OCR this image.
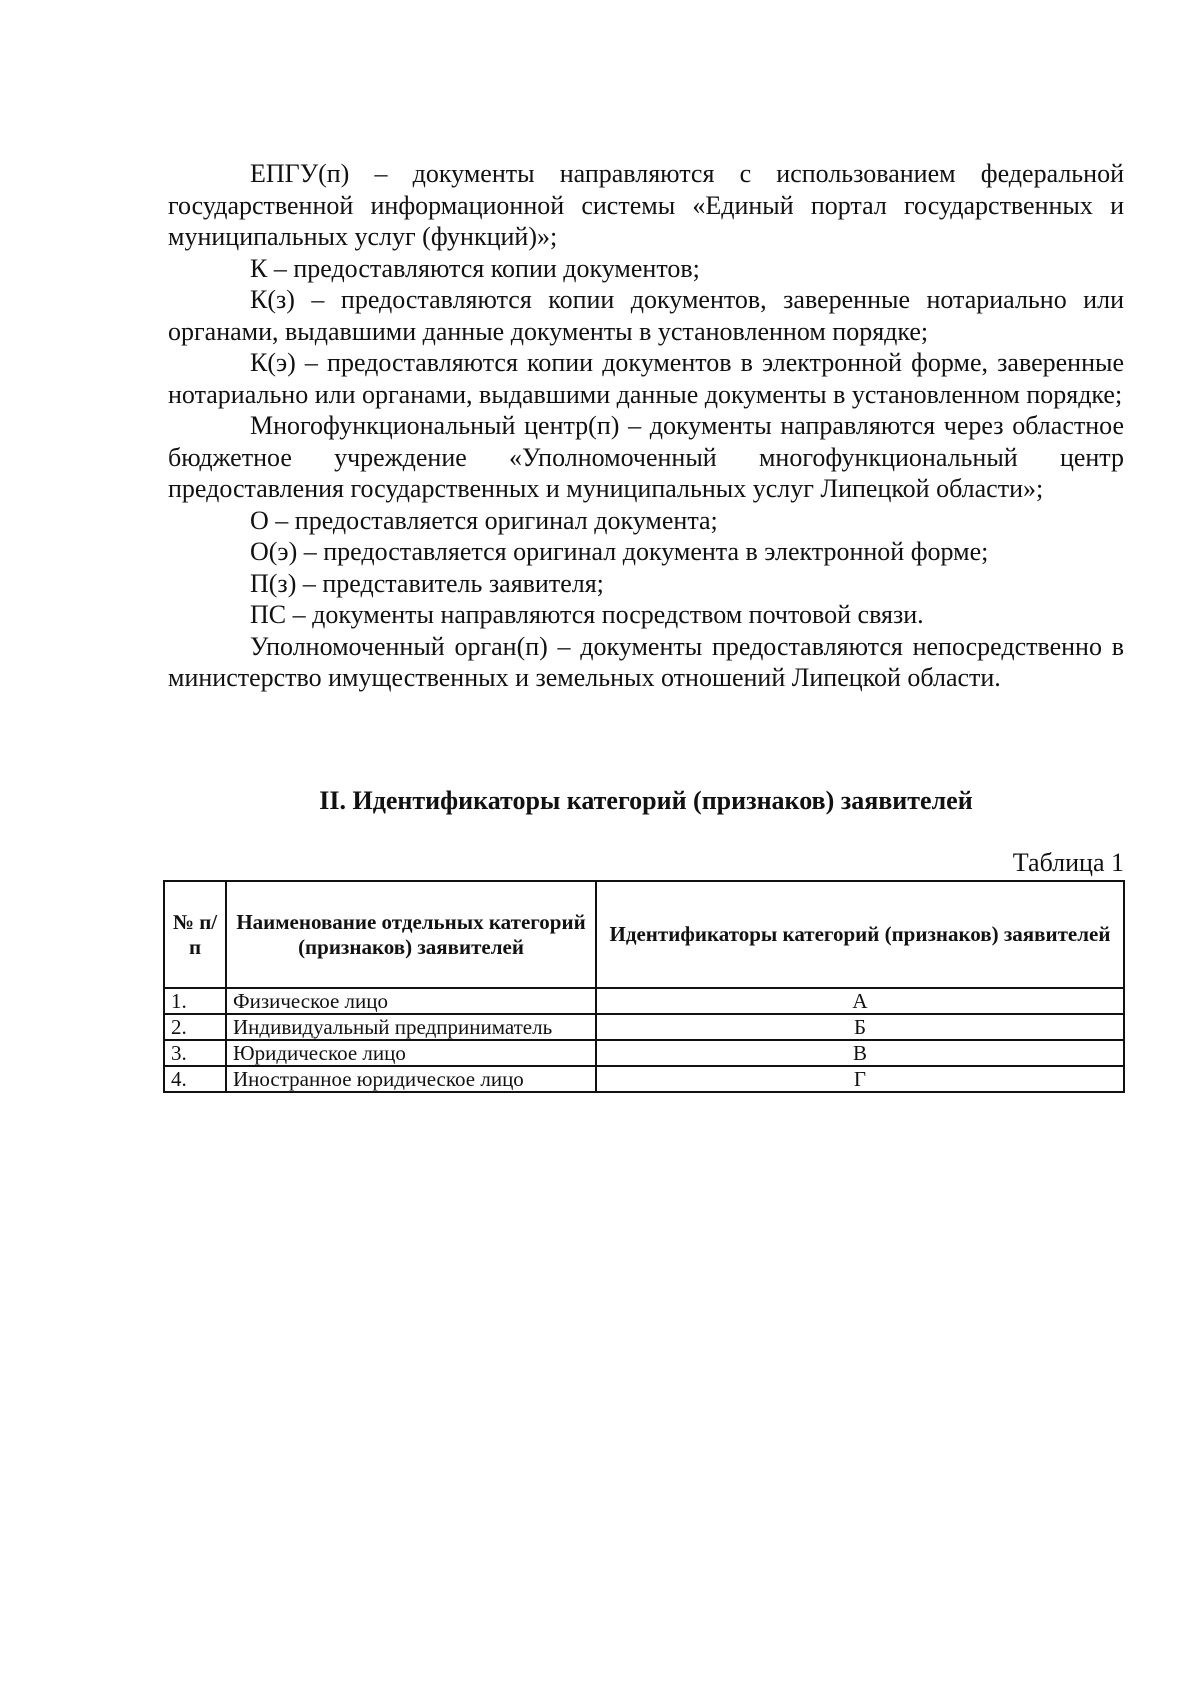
ЕПГУ(п) – документы направляются с использованием федеральной государственной информационной системы «Единый портал государственных и муниципальных услуг (функций)»;

К – предоставляются копии документов;

К(з) – предоставляются копии документов, заверенные нотариально или органами, выдавшими данные документы в установленном порядке;

К(э) – предоставляются копии документов в электронной форме, заверенные нотариально или органами, выдавшими данные документы в установленном порядке;

Многофункциональный центр(п) – документы направляются через областное бюджетное учреждение «Уполномоченный многофункциональный центр предоставления государственных и муниципальных услуг Липецкой области»;

О – предоставляется оригинал документа;

О(э) – предоставляется оригинал документа в электронной форме;

П(з) – представитель заявителя;

ПС – документы направляются посредством почтовой связи.

Уполномоченный орган(п) – документы предоставляются непосредственно в министерство имущественных и земельных отношений Липецкой области.

II. Идентификаторы категорий (признаков) заявителей
Таблица 1
№ п/п	Наименование отдельных категорий (признаков) заявителей	Идентификаторы категорий (признаков) заявителей
1.	Физическое лицо	А
2.	Индивидуальный предприниматель	Б
3.	Юридическое лицо	В
4.	Иностранное юридическое лицо	Г
